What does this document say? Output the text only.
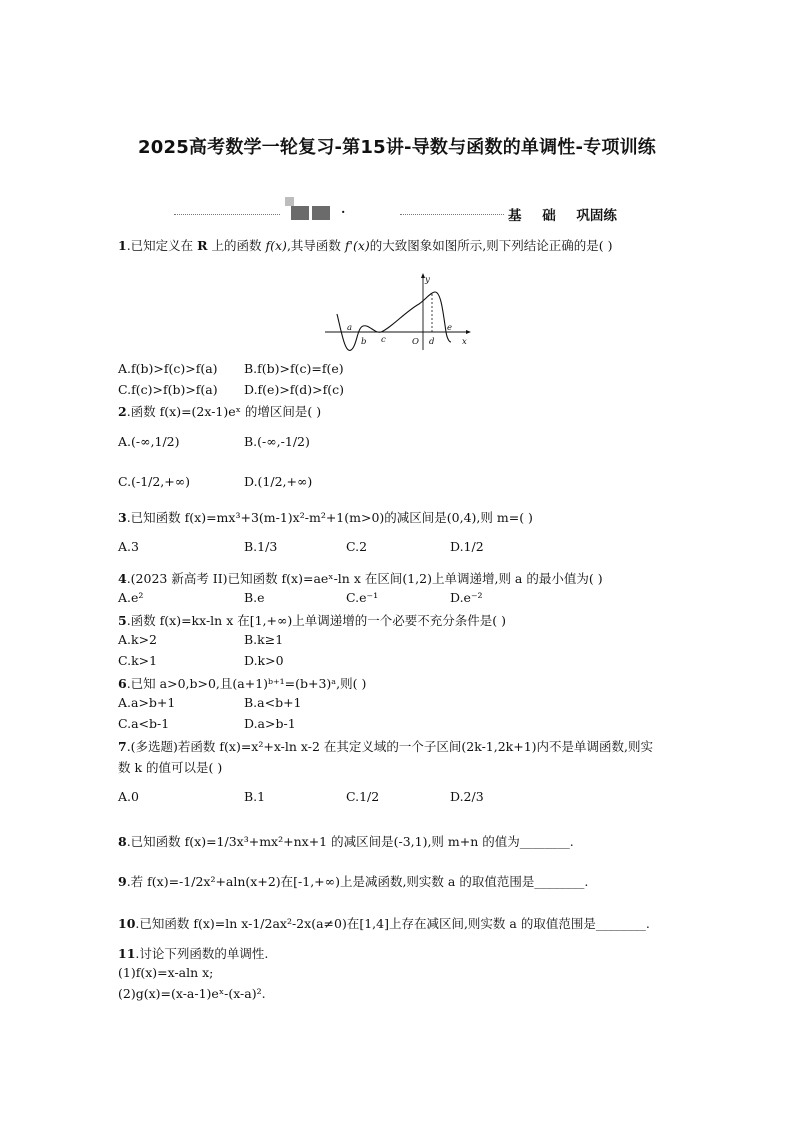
2025高考数学一轮复习-第15讲-导数与函数的单调性-专项训练
·	基 础 巩固练
1.已知定义在 R 上的函数 f(x),其导函数 f'(x)的大致图象如图所示,则下列结论正确的是( )
y
x
a
b c	O d
e
A.f(b)>f(c)>f(a) B.f(b)>f(c)=f(e)
C.f(c)>f(b)>f(a) D.f(e)>f(d)>f(c)
2.函数 f(x)=(2x-1)eˣ 的增区间是( )
A.(-∞,1/2)	B.(-∞,-1/2)
C.(-1/2,+∞)	D.(1/2,+∞)
3.已知函数 f(x)=mx³+3(m-1)x²-m²+1(m>0)的减区间是(0,4),则 m=( )
A.3	B.1/3	C.2	D.1/2
4.(2023 新高考 II)已知函数 f(x)=aeˣ-ln x 在区间(1,2)上单调递增,则 a 的最小值为( )
A.e²	B.e	C.e⁻¹	D.e⁻²
5.函数 f(x)=kx-ln x 在[1,+∞)上单调递增的一个必要不充分条件是( )
A.k>2	B.k≥1
C.k>1	D.k>0
6.已知 a>0,b>0,且(a+1)ᵇ⁺¹=(b+3)ᵃ,则( )
A.a>b+1	B.a<b+1
C.a<b-1	D.a>b-1
7.(多选题)若函数 f(x)=x²+x-ln x-2 在其定义域的一个子区间(2k-1,2k+1)内不是单调函数,则实
数 k 的值可以是( )
A.0	B.1	C.1/2	D.2/3
8.已知函数 f(x)=1/3x³+mx²+nx+1 的减区间是(-3,1),则 m+n 的值为________.
9.若 f(x)=-1/2x²+aln(x+2)在[-1,+∞)上是减函数,则实数 a 的取值范围是________.
10.已知函数 f(x)=ln x-1/2ax²-2x(a≠0)在[1,4]上存在减区间,则实数 a 的取值范围是________.
11.讨论下列函数的单调性.
(1)f(x)=x-aln x;
(2)g(x)=(x-a-1)eˣ-(x-a)².
